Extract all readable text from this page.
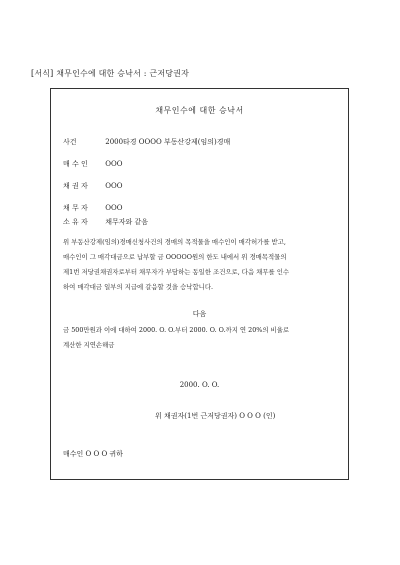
[서식] 채무인수에 대한 승낙서 : 근저당권자
채무인수에 대한 승낙서
사건	2000타경 OOOO 부동산강제(임의)경매
매 수 인 OOO
채 권 자 OOO
채 무 자 OOO
소 유 자 채무자와 같음

위 부동산강제(임의)경매신청사건의 경매의 목적물을 매수인이 매각허가를 받고,

매수인이 그 매각대금으로 납부할 금 OOOOO원의 한도 내에서 위 경매목적물의

제1번 저당권채권자로부터 채무자가 부담하는 동일한 조건으로, 다음 채무를 인수

하여 매각대금 일부의 지급에 갈음할 것을 승낙합니다.

다음

금 500만원과 이에 대하여 2000. O. O.부터 2000. O. O.까지 연 20%의 비율로

계산한 지연손해금

2000. O. O.
위 채권자(1번 근저당권자) O O O (인)
매수인 O O O 귀하
